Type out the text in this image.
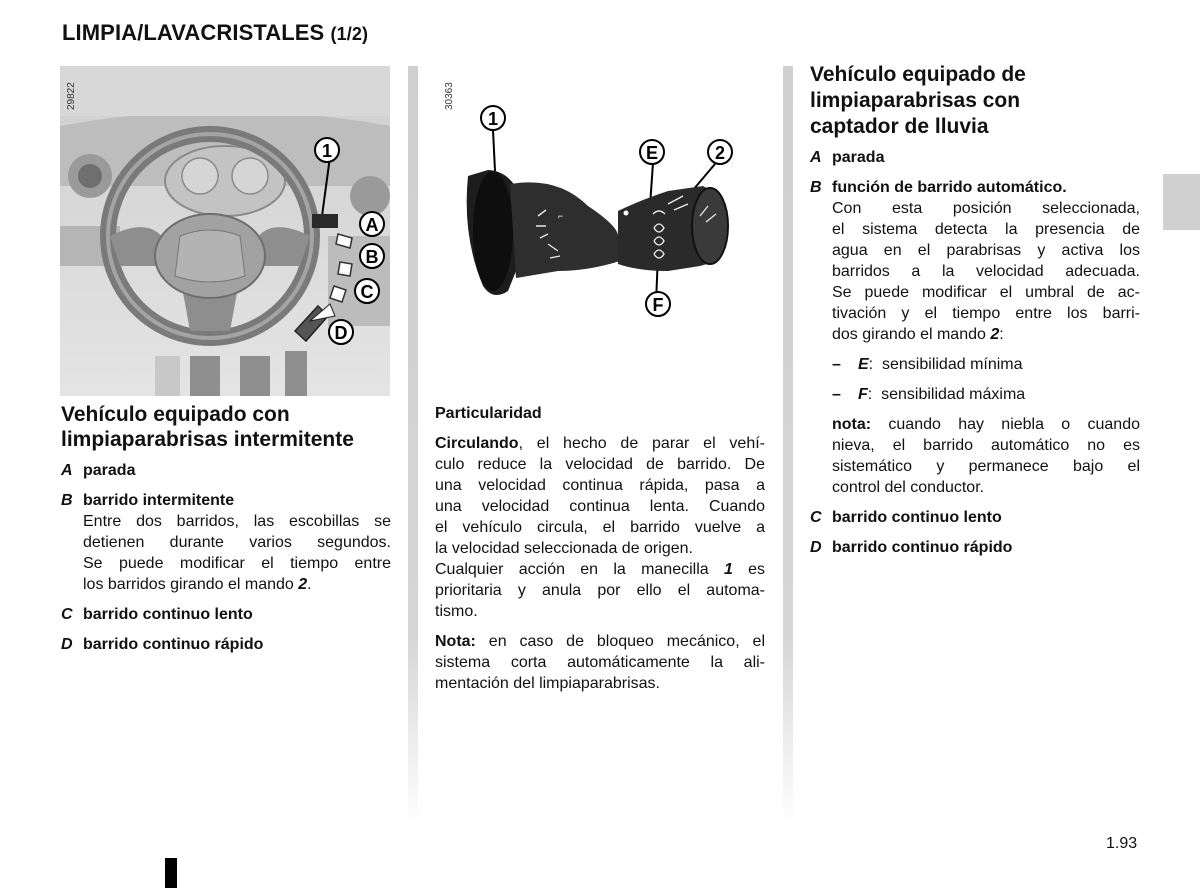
LIMPIA/LAVACRISTALES (1/2)
1.93
29822
1
A
B
C
D
30363
⌐
1
E	2
F
Vehículo equipado con
limpiaparabrisas intermitente
A parada
B barrido intermitente
Entre dos barridos, las escobillas se
detienen durante varios segundos.
Se puede modificar el tiempo entre
los barridos girando el mando 2.
C barrido continuo lento
D barrido continuo rápido
Particularidad
Circulando, el hecho de parar el vehí-
culo reduce la velocidad de barrido. De
una velocidad continua rápida, pasa a
una velocidad continua lenta. Cuando
el vehículo circula, el barrido vuelve a
la velocidad seleccionada de origen.
Cualquier acción en la manecilla 1 es
prioritaria y anula por ello el automa-
tismo.
Nota: en caso de bloqueo mecánico, el
sistema corta automáticamente la ali-
mentación del limpiaparabrisas.
Vehículo equipado de
limpiaparabrisas con
captador de lluvia
A parada
B función de barrido automático.
Con esta posición seleccionada,
el sistema detecta la presencia de
agua en el parabrisas y activa los
barridos a la velocidad adecuada.
Se puede modificar el umbral de ac-
tivación y el tiempo entre los barri-
dos girando el mando 2:
– E:  sensibilidad mínima
– F:  sensibilidad máxima
nota: cuando hay niebla o cuando
nieva, el barrido automático no es
sistemático y permanece bajo el
control del conductor.
C barrido continuo lento
D barrido continuo rápido
